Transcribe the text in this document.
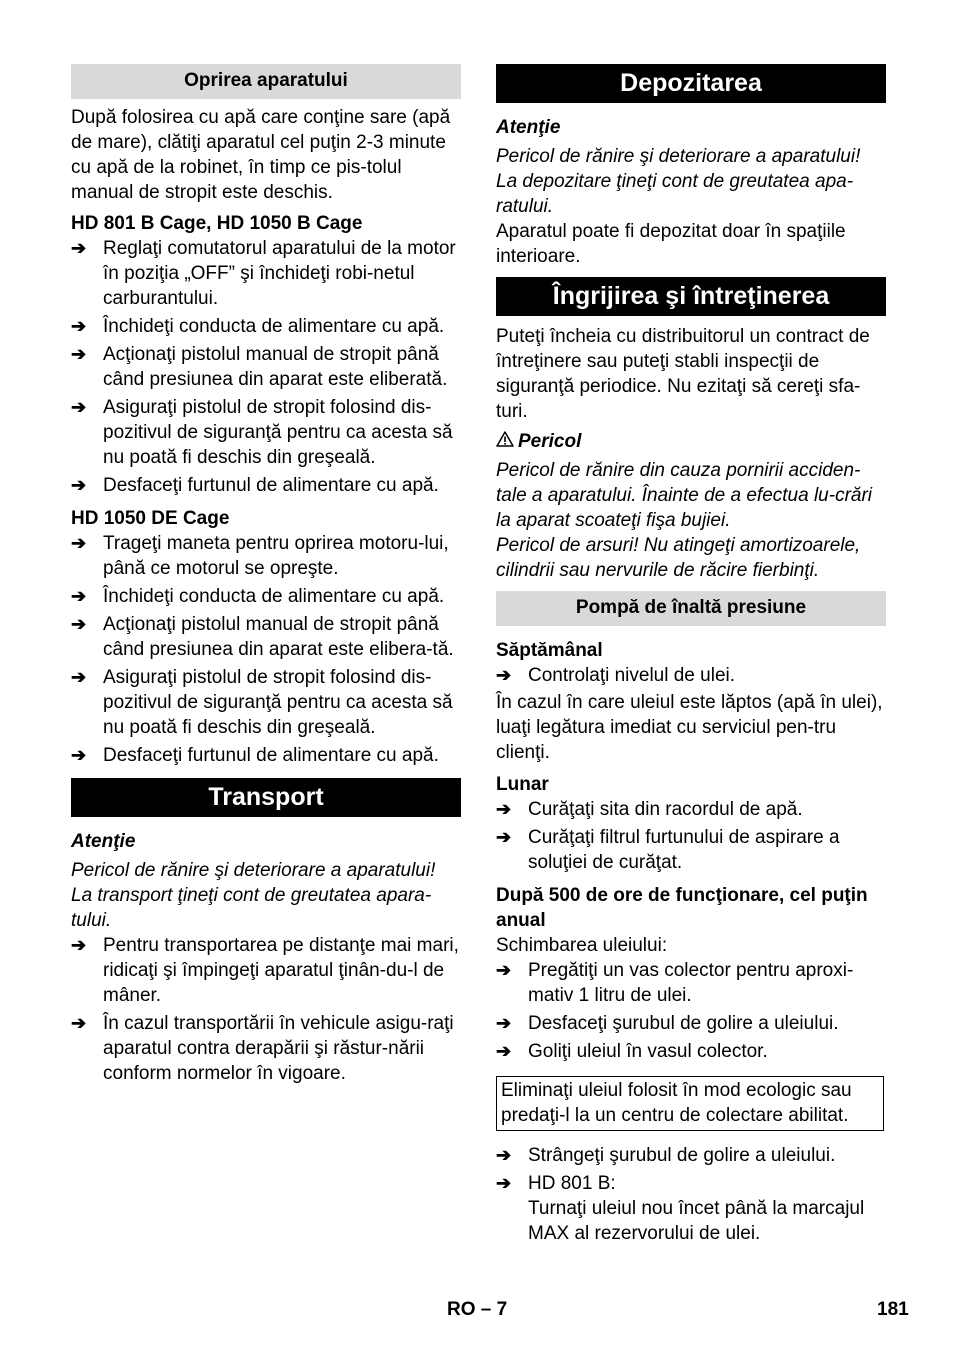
Oprirea aparatului

După folosirea cu apă care conţine sare (apă de mare), clătiţi aparatul cel puţin 2-3 minute cu apă de la robinet, în timp ce pis-tolul manual de stropit este deschis.

HD 801 B Cage, HD 1050 B Cage

➔ Reglaţi comutatorul aparatului de la motor în poziţia „OFF” şi închideţi robi-netul carburantului.
➔ Închideţi conducta de alimentare cu apă.
➔ Acţionaţi pistolul manual de stropit până când presiunea din aparat este eliberată.
➔ Asiguraţi pistolul de stropit folosind dis-pozitivul de siguranţă pentru ca acesta să nu poată fi deschis din greşeală.
➔ Desfaceţi furtunul de alimentare cu apă.

HD 1050 DE Cage

➔ Trageţi maneta pentru oprirea motoru-lui, până ce motorul se opreşte.
➔ Închideţi conducta de alimentare cu apă.
➔ Acţionaţi pistolul manual de stropit până când presiunea din aparat este elibera-tă.
➔ Asiguraţi pistolul de stropit folosind dis-pozitivul de siguranţă pentru ca acesta să nu poată fi deschis din greşeală.
➔ Desfaceţi furtunul de alimentare cu apă.
Transport

Atenţie

Pericol de rănire şi deteriorare a aparatului! La transport ţineţi cont de greutatea apara-tului.

➔ Pentru transportarea pe distanţe mai mari, ridicaţi şi împingeţi aparatul ţinân-du-l de mâner.
➔ În cazul transportării în vehicule asigu-raţi aparatul contra derapării şi răstur-nării conform normelor în vigoare.
Depozitarea

Atenţie

Pericol de rănire şi deteriorare a aparatului! La depozitare ţineţi cont de greutatea apa-ratului.

Aparatul poate fi depozitat doar în spaţiile interioare.

Îngrijirea şi întreţinerea

Puteţi încheia cu distribuitorul un contract de întreţinere sau puteţi stabli inspecţii de siguranţă periodice. Nu ezitaţi să cereţi sfa-turi.

Pericol

Pericol de rănire din cauza pornirii acciden-tale a aparatului. Înainte de a efectua lu-crări la aparat scoateţi fişa bujiei.

Pericol de arsuri! Nu atingeţi amortizoarele, cilindrii sau nervurile de răcire fierbinţi.

Pompă de înaltă presiune

Săptămânal

➔ Controlaţi nivelul de ulei.

În cazul în care uleiul este lăptos (apă în ulei), luaţi legătura imediat cu serviciul pen-tru clienţi.

Lunar

➔ Curăţaţi sita din racordul de apă.
➔ Curăţaţi filtrul furtunului de aspirare a soluţiei de curăţat.

După 500 de ore de funcţionare, cel puţin anual

Schimbarea uleiului:

➔ Pregătiţi un vas colector pentru aproxi-mativ 1 litru de ulei.
➔ Desfaceţi şurubul de golire a uleiului.
➔ Goliţi uleiul în vasul colector.
Eliminaţi uleiul folosit în mod ecologic sau predaţi-l la un centru de colectare abilitat.
➔ Strângeţi şurubul de golire a uleiului.
➔ HD 801 B:

Turnaţi uleiul nou încet până la marcajul MAX al rezervorului de ulei.

RO – 7	181
